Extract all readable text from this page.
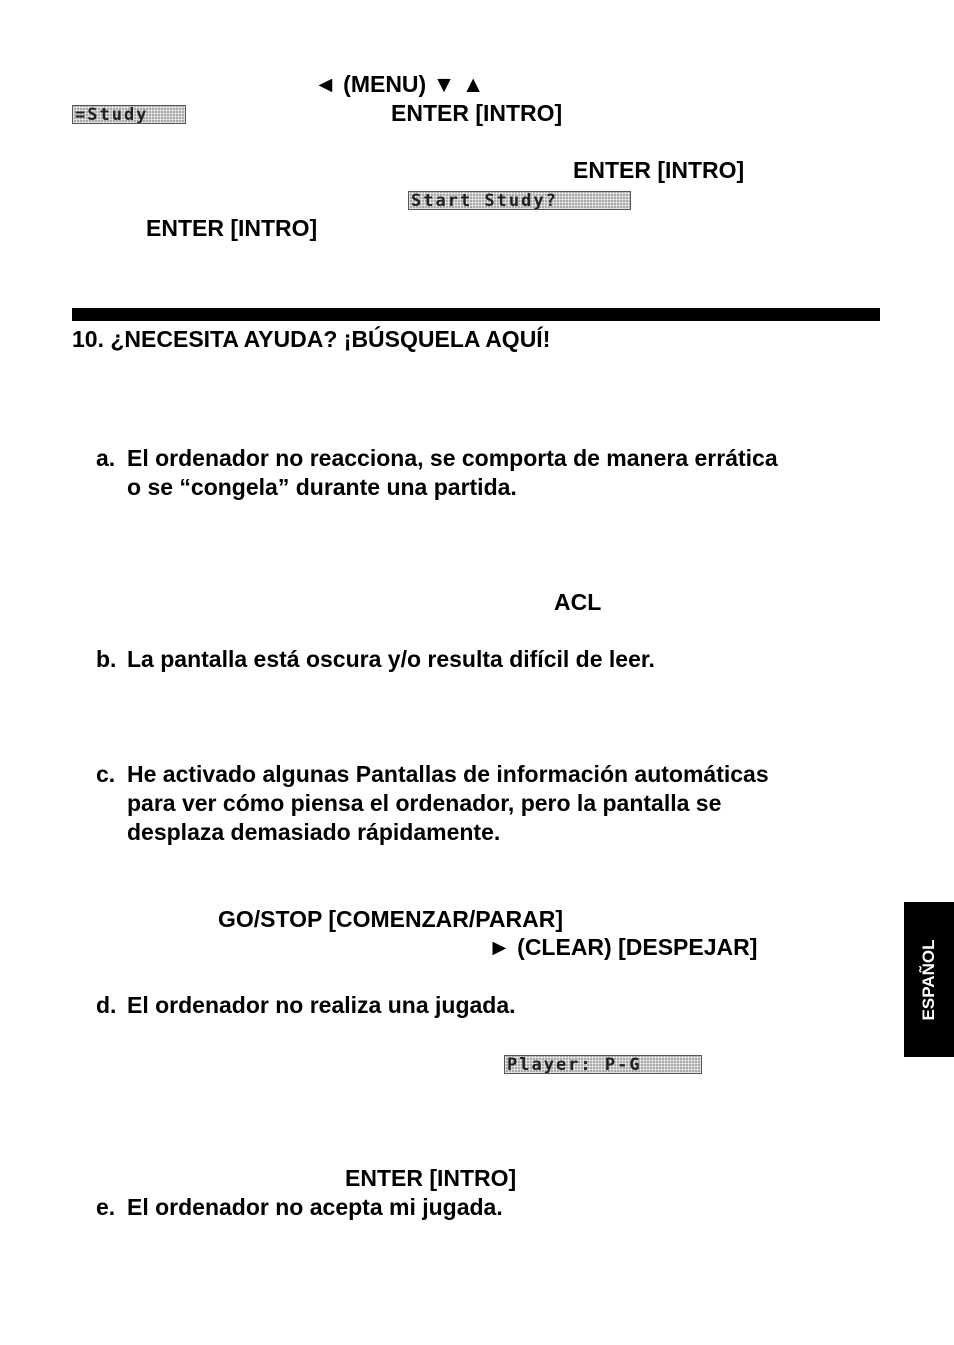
◄ (MENU) ▼ ▲
=Study	ENTER [INTRO]
ENTER [INTRO]
Start Study?
ENTER [INTRO]
10. ¿NECESITA AYUDA? ¡BÚSQUELA AQUÍ!
a. El ordenador no reacciona, se comporta de manera errática
o se “congela” durante una partida.
ACL
b. La pantalla está oscura y/o resulta difícil de leer.
c. He activado algunas Pantallas de información automáticas
para ver cómo piensa el ordenador, pero la pantalla se
desplaza demasiado rápidamente.
GO/STOP [COMENZAR/PARAR]
► (CLEAR) [DESPEJAR]
d. El ordenador no realiza una jugada.
Player: P-G
ENTER [INTRO]
e. El ordenador no acepta mi jugada.
ESPAÑOL
